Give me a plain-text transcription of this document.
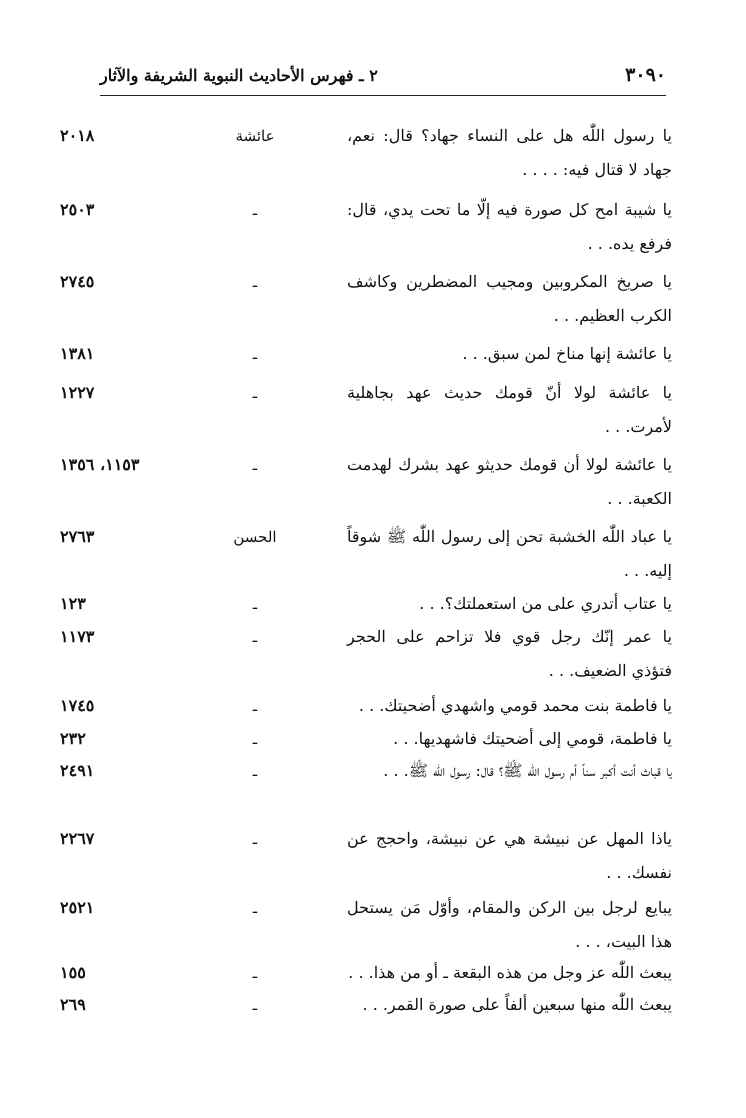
٣٠٩٠
٢ ـ فهرس الأحاديث النبوية الشريفة والآثار
يا رسول اللّٰه هل على النساء جهاد؟ قال: نعم، جهاد لا قتال فيه: . . . .
عائشة
٢٠١٨
يا شيبة امح كل صورة فيه إلّا ما تحت يدي، قال: فرفع يده. . .
ـ
٢٥٠٣
يا صريخ المكروبين ومجيب المضطرين وكاشف الكرب العظيم. . .
ـ
٢٧٤٥
يا عائشة إنها مناخ لمن سبق. . .
ـ
١٣٨١
يا عائشة لولا أنّ قومك حديث عهد بجاهلية لأمرت. . .
ـ
١٢٢٧
يا عائشة لولا أن قومك حديثو عهد بشرك لهدمت الكعبة. . .
ـ
١١٥٣، ١٣٥٦
يا عباد اللّٰه الخشبة تحن إلى رسول اللّٰه ﷺ شوقاً إليه. . .
الحسن
٢٧٦٣
يا عتاب أتدري على من استعملتك؟. . .
ـ
١٢٣
يا عمر إنّك رجل قوي فلا تزاحم على الحجر فتؤذي الضعيف. . .
ـ
١١٧٣
يا فاطمة بنت محمد قومي واشهدي أضحيتك. . .
ـ
١٧٤٥
يا فاطمة، قومي إلى أضحيتك فاشهديها. . .
ـ
٢٣٢
يا قباث أنت أكبر سناً أم رسول اللّٰه ﷺ؟ قال: رسول اللّٰه ﷺ. . .
ـ
٢٤٩١
ياذا المهل عن نبيشة هي عن نبيشة، واحجج عن نفسك. . .
ـ
٢٢٦٧
يبايع لرجل بين الركن والمقام، وأوّل مَن يستحل هذا البيت، . . .
ـ
٢٥٢١
يبعث اللّٰه عز وجل من هذه البقعة ـ أو من هذا. . .
ـ
١٥٥
يبعث اللّٰه منها سبعين ألفاً على صورة القمر. . .
ـ
٢٦٩
